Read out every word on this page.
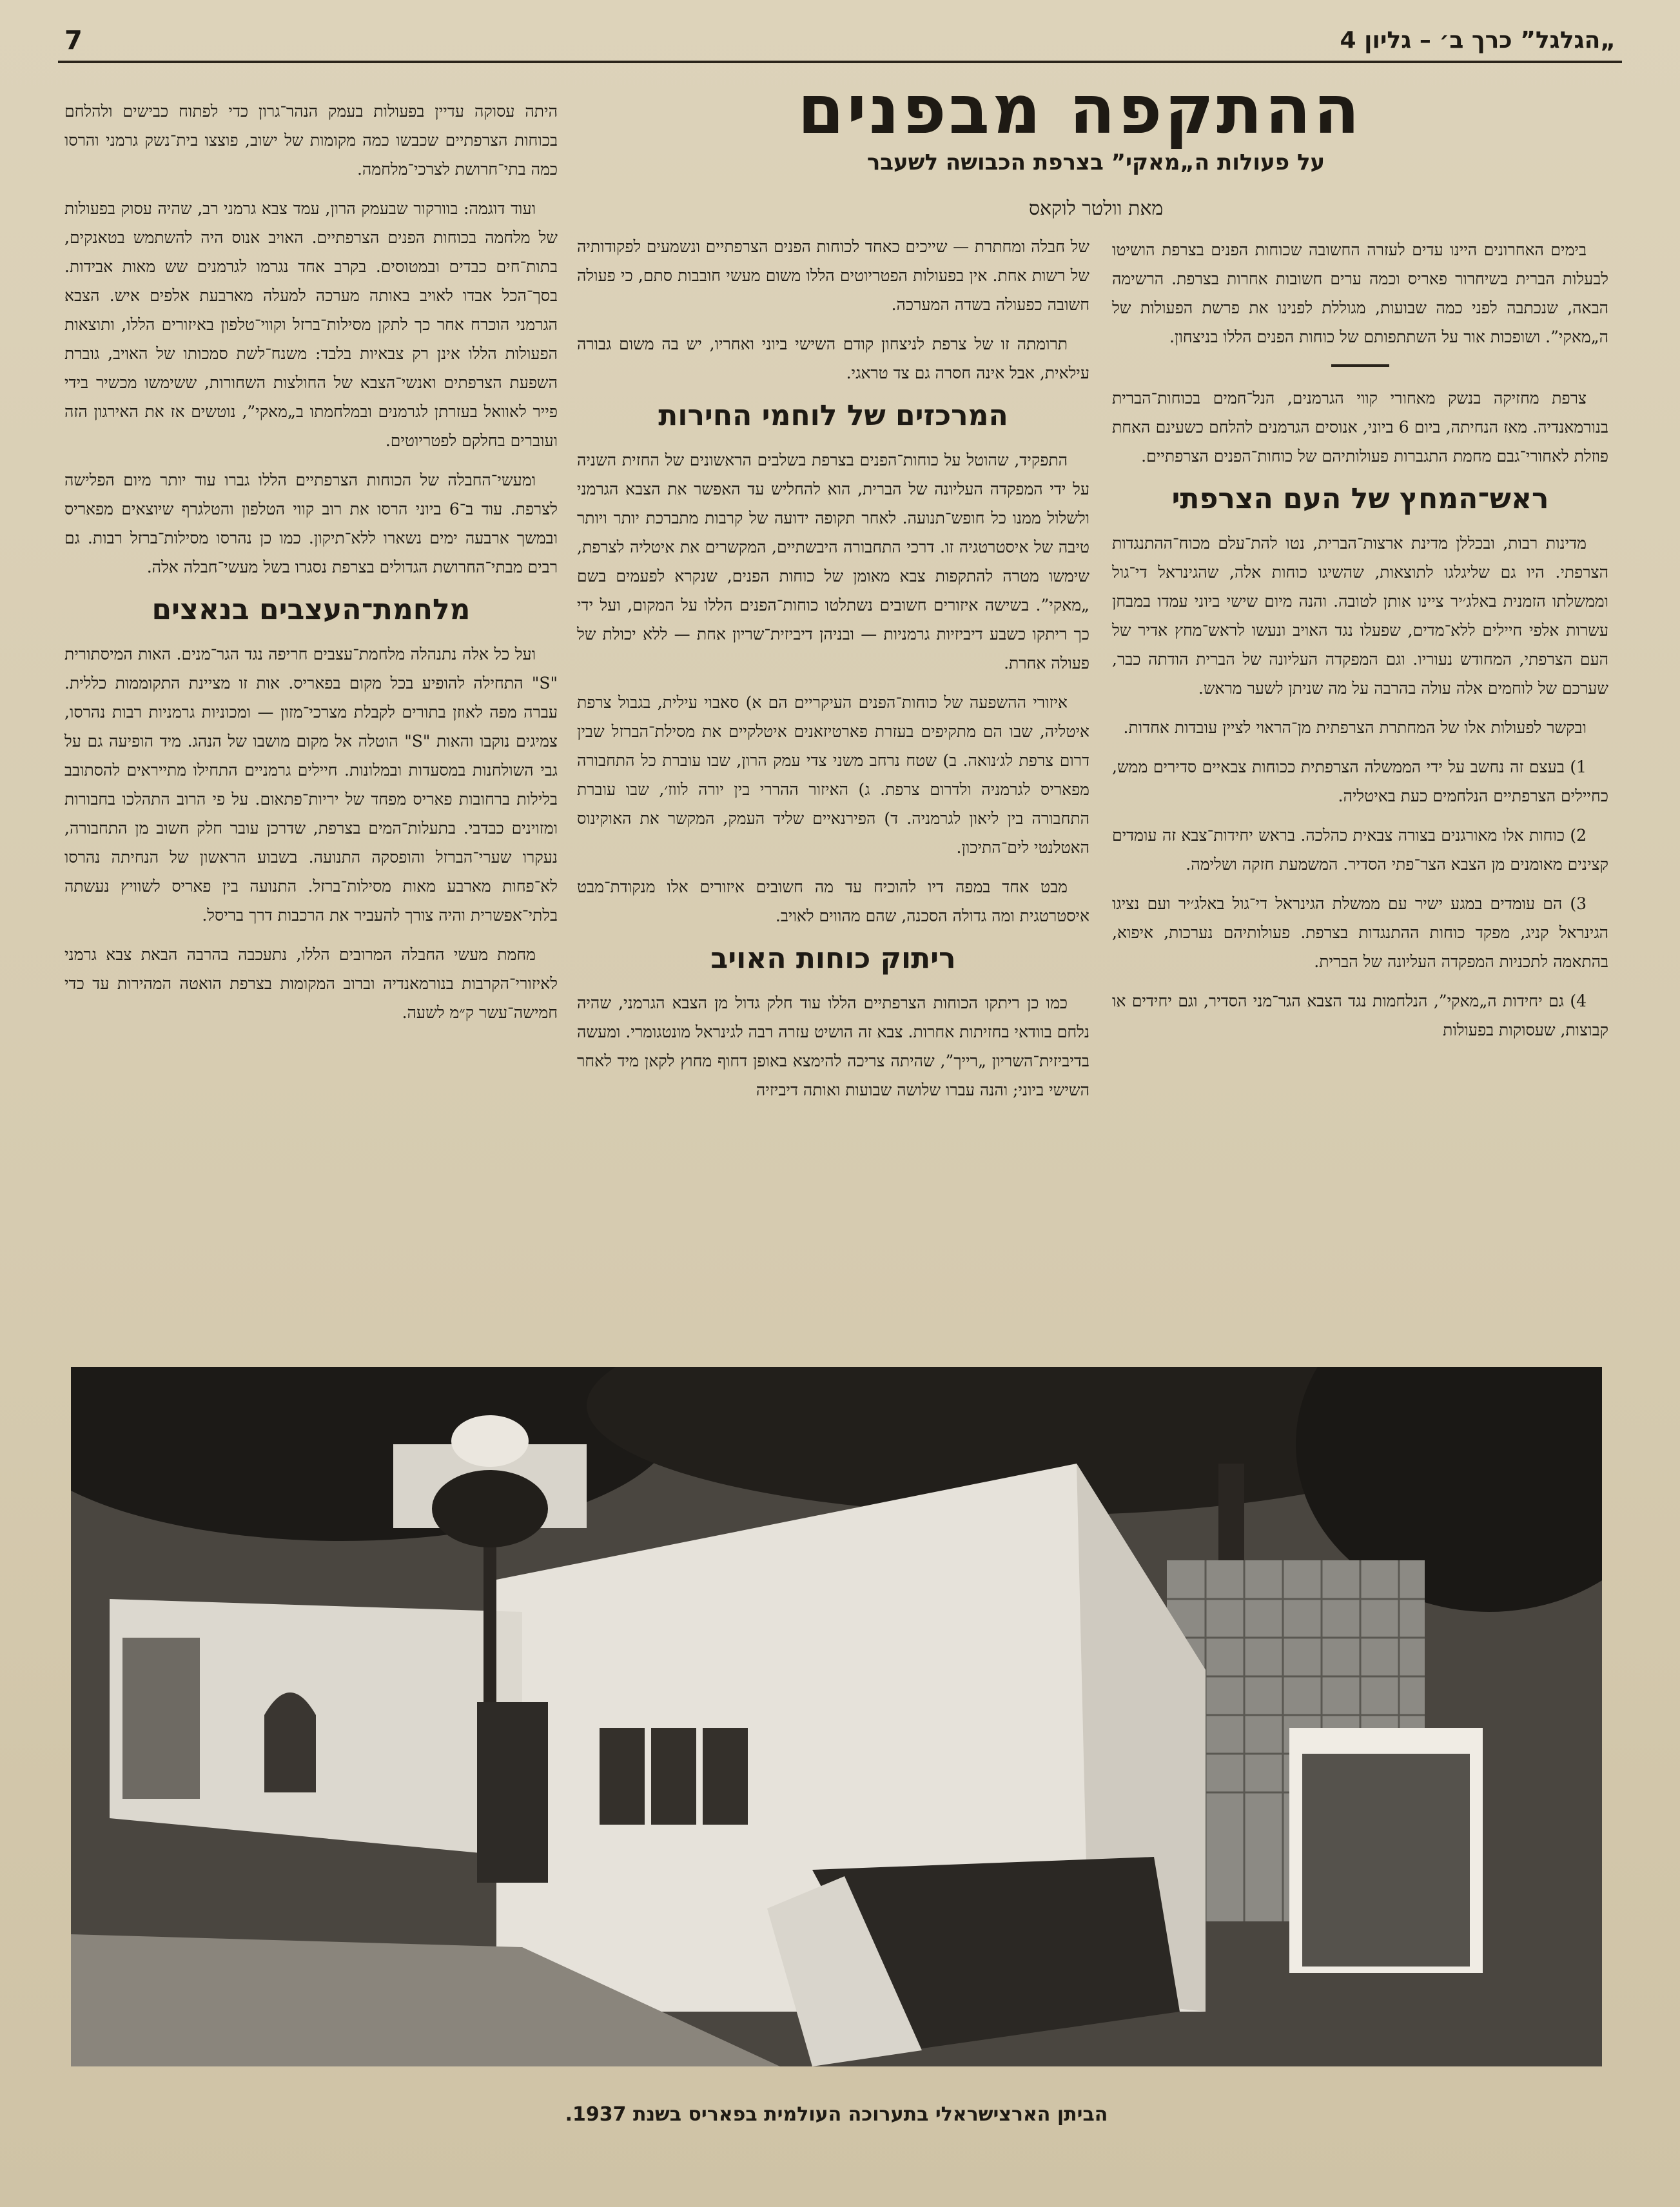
7	„הגלגל” כרך ב׳ – גליון 4
ההתקפה מבפנים
על פעולות ה„מאקי” בצרפת הכבושה לשעבר
מאת וולטר לוקאס

בימים האחרונים היינו עדים לעזרה החשובה שכוחות הפנים בצרפת הושיטו לבעלות הברית בשיחרור פאריס וכמה ערים חשובות אחרות בצרפת. הרשימה הבאה, שנכתבה לפני כמה שבועות, מגוללת לפנינו את פרשת הפעולות של ה„מאקי”. ושופכות אור על השתתפותם של כוחות הפנים הללו בניצחון.

צרפת מחזיקה בנשק מאחורי קווי הגרמנים, הנל־חמים בכוחות־הברית בנורמאנדיה. מאז הנחיתה, ביום 6 ביוני, אנוסים הגרמנים להלחם כשעינם האחת פוזלת לאחורי־גבם מחמת התגברות פעולותיהם של כוחות־הפנים הצרפתיים.

ראש־המחץ של העם הצרפתי

מדינות רבות, ובכללן מדינת ארצות־הברית, נטו להת־עלם מכוח־ההתנגדות הצרפתי. היו גם שליגלגו לתוצאות, שהשיגו כוחות אלה, שהגינראל די־גול וממשלתו הזמנית באלג׳יר ציינו אותן לטובה. והנה מיום שישי ביוני עמדו במבחן עשרות אלפי חיילים ללא־מדים, שפעלו נגד האויב ונעשו לראש־מחץ אדיר של העם הצרפתי, המחודש נעוריו. וגם המפקדה העליונה של הברית הודתה כבר, שערכם של לוחמים אלה עולה בהרבה על מה שניתן לשער מראש.

ובקשר לפעולות אלו של המחתרת הצרפתית מן־הראוי לציין עובדות אחדות.

1) בעצם זה נחשב על ידי הממשלה הצרפתית ככוחות צבאיים סדירים ממש, כחיילים הצרפתיים הנלחמים כעת באיטליה.

2) כוחות אלו מאורגנים בצורה צבאית כהלכה. בראש יחידות־צבא זה עומדים קצינים מאומנים מן הצבא הצר־פתי הסדיר. המשמעת חזקה ושלימה.

3) הם עומדים במגע ישיר עם ממשלת הגינראל די־גול באלג׳יר ועם נציגו הגינראל קניג, מפקד כוחות ההתנגדות בצרפת. פעולותיהם נערכות, איפוא, בהתאמה לתכניות המפקדה העליונה של הברית.

4) גם יחידות ה„מאקי”, הנלחמות נגד הצבא הגר־מני הסדיר, וגם יחידים או קבוצות, שעסוקות בפעולות

של חבלה ומחתרת — שייכים כאחד לכוחות הפנים הצרפתיים ונשמעים לפקודותיה של רשות אחת. אין בפעולות הפטריוטים הללו משום מעשי חובבות סתם, כי פעולה חשובה כפעולה בשדה המערכה.

תרומתה זו של צרפת לניצחון קודם השישי ביוני ואחריו, יש בה משום גבורה עילאית, אבל אינה חסרה גם צד טראגי.

המרכזים של לוחמי החירות

התפקיד, שהוטל על כוחות־הפנים בצרפת בשלבים הראשונים של החזית השניה על ידי המפקדה העליונה של הברית, הוא להחליש עד האפשר את הצבא הגרמני ולשלול ממנו כל חופש־תנועה. לאחר תקופה ידועה של קרבות מתברכת יותר ויותר טיבה של איסטרטגיה זו. דרכי התחבורה היבשתיים, המקשרים את איטליה לצרפת, שימשו מטרה להתקפות צבא מאומן של כוחות הפנים, שנקרא לפעמים בשם „מאקי”. בשישה איזורים חשובים נשתלטו כוחות־הפנים הללו על המקום, ועל ידי כך ריתקו כשבע דיביזיות גרמניות — ובניהן דיביזית־שריון אחת — ללא יכולת של פעולה אחרת.

איזורי ההשפעה של כוחות־הפנים העיקריים הם א) סאבוי עילית, בגבול צרפת איטליה, שבו הם מתקיפים בעזרת פארטיזאנים איטלקיים את מסילת־הברזל שבין דרום צרפת לג׳נואה. ב) שטח נרחב משני צדי עמק הרון, שבו עוברת כל התחבורה מפאריס לגרמניה ולדרום צרפת. ג) האיזור ההררי בין יורה לווז׳, שבו עוברת התחבורה בין ליאון לגרמניה. ד) הפירנאיים שליד העמק, המקשר את האוקינוס האטלנטי לים־התיכון.

מבט אחד במפה דיו להוכיח עד מה חשובים איזורים אלו מנקודת־מבט איסטרטגית ומה גדולה הסכנה, שהם מהווים לאויב.

ריתוק כוחות האויב

כמו כן ריתקו הכוחות הצרפתיים הללו עוד חלק גדול מן הצבא הגרמני, שהיה נלחם בוודאי בחזיתות אחרות. צבא זה הושיט עזרה רבה לגינראל מונטגומרי. ומעשה בדיביזית־השריון „רייך”, שהיתה צריכה להימצא באופן דחוף מחוץ לקאן מיד לאחר השישי ביוני; והנה עברו שלושה שבועות ואותה דיביזיה

היתה עסוקה עדיין בפעולות בעמק הנהר־גרון כדי לפתוח כבישים ולהלחם בכוחות הצרפתיים שכבשו כמה מקומות של ישוב, פוצצו בית־נשק גרמני והרסו כמה בתי־חרושת לצרכי־מלחמה.

ועוד דוגמה: בוורקור שבעמק הרון, עמד צבא גרמני רב, שהיה עסוק בפעולות של מלחמה בכוחות הפנים הצרפתיים. האויב אנוס היה להשתמש בטאנקים, בתות־חים כבדים ובמטוסים. בקרב אחד נגרמו לגרמנים שש מאות אבידות. בסך־הכל אבדו לאויב באותה מערכה למעלה מארבעת אלפים איש. הצבא הגרמני הוכרח אחר כך לתקן מסילות־ברזל וקווי־טלפון באיזורים הללו, ותוצאות הפעולות הללו אינן רק צבאיות בלבד: משנח־לשת סמכותו של האויב, גוברת השפעת הצרפתים ואנשי־הצבא של החולצות השחורות, ששימשו מכשיר בידי פייר לאוואל בעזרתן לגרמנים ובמלחמתו ב„מאקי”, נוטשים אז את האירגון הזה ועוברים בחלקם לפטריוטים.

ומעשי־החבלה של הכוחות הצרפתיים הללו גברו עוד יותר מיום הפלישה לצרפת. עוד ב־6 ביוני הרסו את רוב קווי הטלפון והטלגרף שיוצאים מפאריס ובמשך ארבעה ימים נשארו ללא־תיקון. כמו כן נהרסו מסילות־ברזל רבות. גם רבים מבתי־החרושת הגדולים בצרפת נסגרו בשל מעשי־חבלה אלה.

מלחמת־העצבים בנאצים

ועל כל אלה נתנהלה מלחמת־עצבים חריפה נגד הגר־מנים. האות המיסתורית "S" התחילה להופיע בכל מקום בפאריס. אות זו מציינת התקוממות כללית. עברה מפה לאוזן בתורים לקבלת מצרכי־מזון — ומכוניות גרמניות רבות נהרסו, צמיגים נוקבו והאות "S" הוטלה אל מקום מושבו של הנהג. מיד הופיעה גם על גבי השולחנות במסעדות ובמלונות. חיילים גרמניים התחילו מתייראים להסתובב בלילות ברחובות פאריס מפחד של יריות־פתאום. על פי הרוב התהלכו בחבורות ומזוינים כבדבי. בתעלות־המים בצרפת, שדרכן עובר חלק חשוב מן התחבורה, נעקרו שערי־הברזל והופסקה התנועה. בשבוע הראשון של הנחיתה נהרסו לא־פחות מארבע מאות מסילות־ברזל. התנועה בין פאריס לשוויץ נעשתה בלתי־אפשרית והיה צורך להעביר את הרכבות דרך בריסל.

מחמת מעשי החבלה המרובים הללו, נתעכבה בהרבה הבאת צבא גרמני לאיזורי־הקרבות בנורמאנדיה וברוב המקומות בצרפת הואטה המהירות עד כדי חמישה־עשר ק״מ לשעה.

הביתן הארצישראלי בתערוכה העולמית בפאריס בשנת 1937.
